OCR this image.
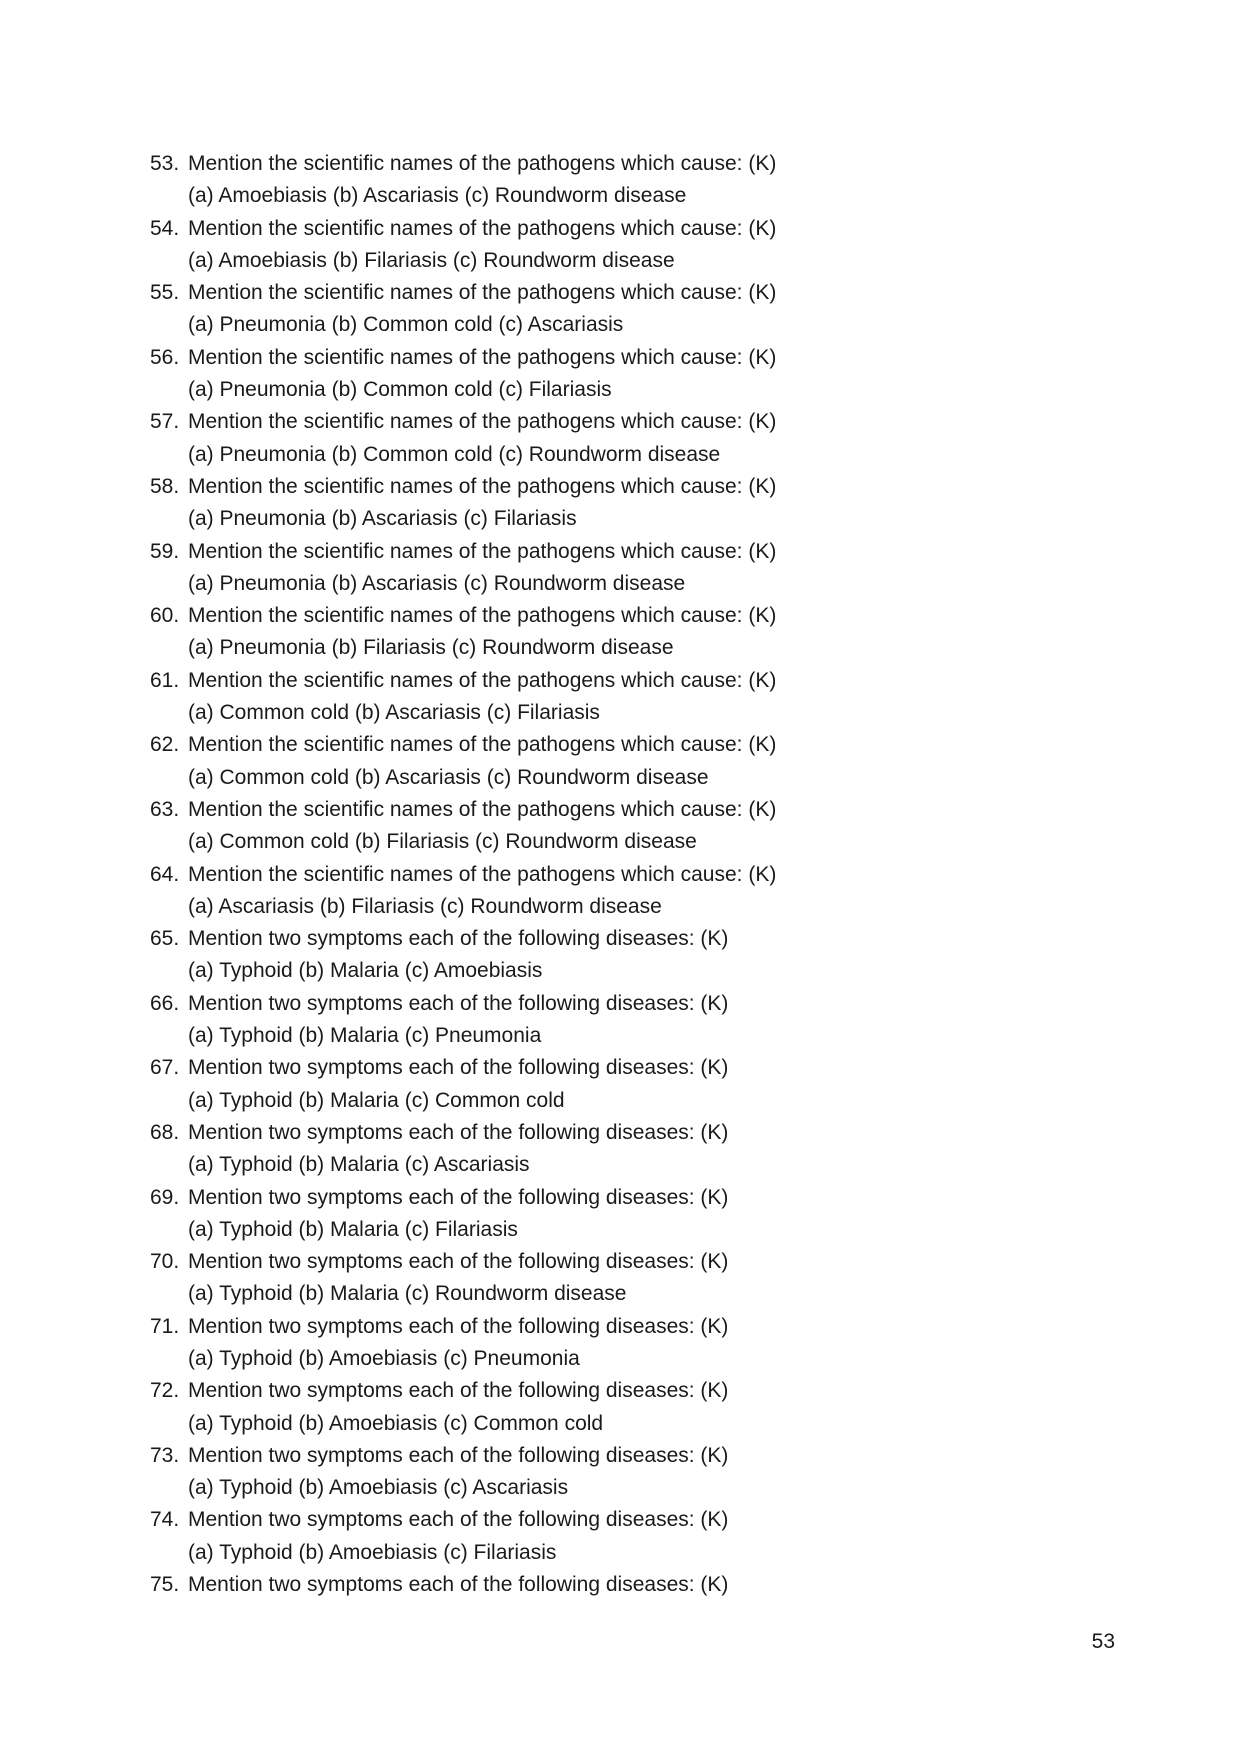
53. Mention the scientific names of the pathogens which cause: (K)
(a) Amoebiasis (b) Ascariasis (c) Roundworm disease
54. Mention the scientific names of the pathogens which cause: (K)
(a) Amoebiasis (b) Filariasis (c) Roundworm disease
55. Mention the scientific names of the pathogens which cause: (K)
(a) Pneumonia (b) Common cold (c) Ascariasis
56. Mention the scientific names of the pathogens which cause: (K)
(a) Pneumonia (b) Common cold (c) Filariasis
57. Mention the scientific names of the pathogens which cause: (K)
(a) Pneumonia (b) Common cold (c) Roundworm disease
58. Mention the scientific names of the pathogens which cause: (K)
(a) Pneumonia (b) Ascariasis (c) Filariasis
59. Mention the scientific names of the pathogens which cause: (K)
(a) Pneumonia (b) Ascariasis (c) Roundworm disease
60. Mention the scientific names of the pathogens which cause: (K)
(a) Pneumonia (b) Filariasis (c) Roundworm disease
61. Mention the scientific names of the pathogens which cause: (K)
(a) Common cold (b) Ascariasis (c) Filariasis
62. Mention the scientific names of the pathogens which cause: (K)
(a) Common cold (b) Ascariasis (c) Roundworm disease
63. Mention the scientific names of the pathogens which cause: (K)
(a) Common cold (b) Filariasis (c) Roundworm disease
64. Mention the scientific names of the pathogens which cause: (K)
(a) Ascariasis (b) Filariasis (c) Roundworm disease
65. Mention two symptoms each of the following diseases: (K)
(a) Typhoid (b) Malaria (c) Amoebiasis
66. Mention two symptoms each of the following diseases: (K)
(a) Typhoid (b) Malaria (c) Pneumonia
67. Mention two symptoms each of the following diseases: (K)
(a) Typhoid (b) Malaria (c) Common cold
68. Mention two symptoms each of the following diseases: (K)
(a) Typhoid (b) Malaria (c) Ascariasis
69. Mention two symptoms each of the following diseases: (K)
(a) Typhoid (b) Malaria (c) Filariasis
70. Mention two symptoms each of the following diseases: (K)
(a) Typhoid (b) Malaria (c) Roundworm disease
71. Mention two symptoms each of the following diseases: (K)
(a) Typhoid (b) Amoebiasis (c) Pneumonia
72. Mention two symptoms each of the following diseases: (K)
(a) Typhoid (b) Amoebiasis (c) Common cold
73. Mention two symptoms each of the following diseases: (K)
(a) Typhoid (b) Amoebiasis (c) Ascariasis
74. Mention two symptoms each of the following diseases: (K)
(a) Typhoid (b) Amoebiasis (c) Filariasis
75. Mention two symptoms each of the following diseases: (K)
53
